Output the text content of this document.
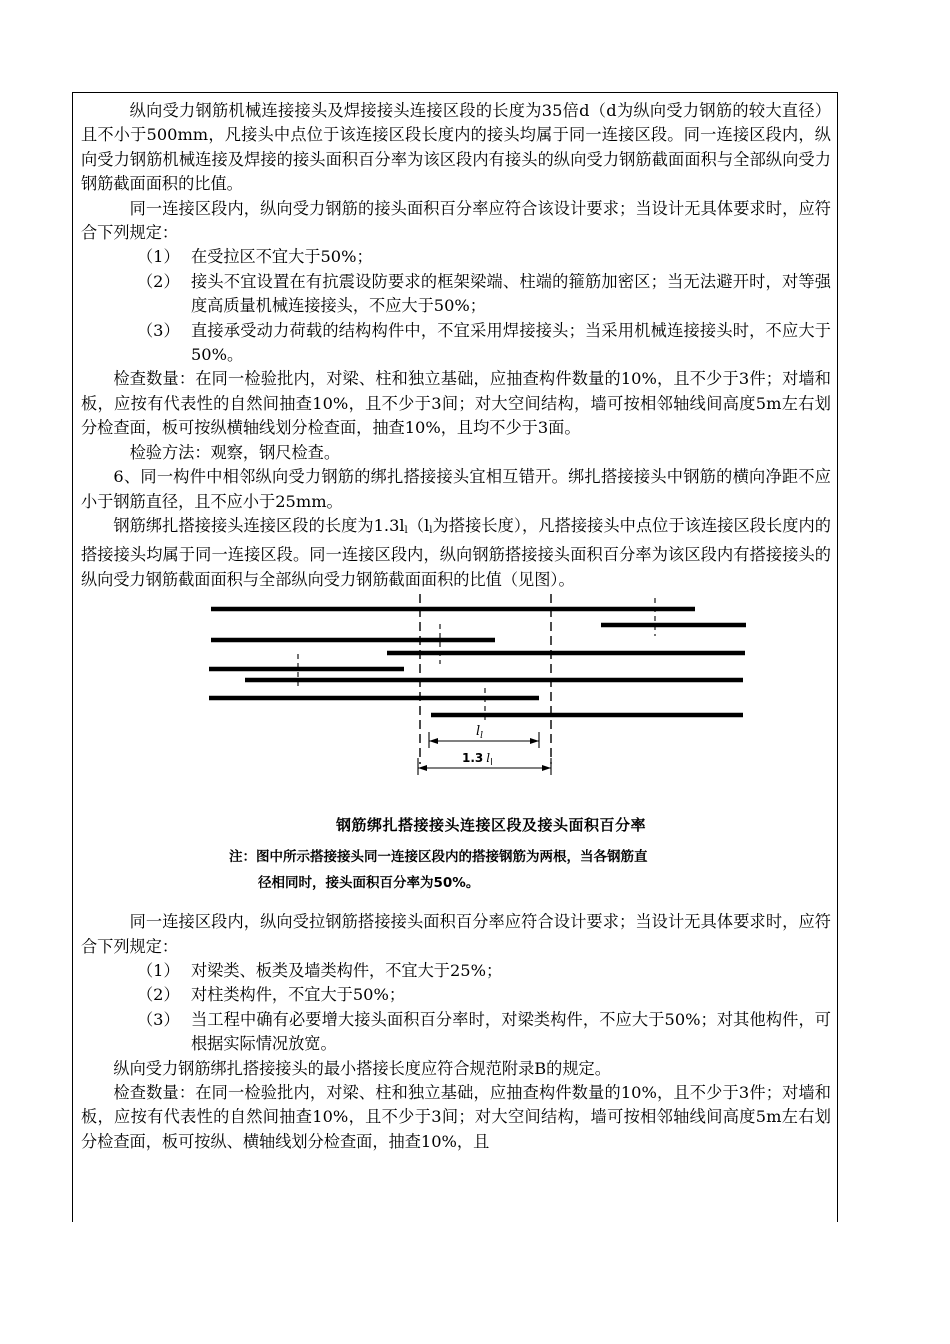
纵向受力钢筋机械连接接头及焊接接头连接区段的长度为35倍d（d为纵向受力钢筋的较大直径）且不小于500mm，凡接头中点位于该连接区段长度内的接头均属于同一连接区段。同一连接区段内，纵向受力钢筋机械连接及焊接的接头面积百分率为该区段内有接头的纵向受力钢筋截面面积与全部纵向受力钢筋截面面积的比值。

同一连接区段内，纵向受力钢筋的接头面积百分率应符合该设计要求；当设计无具体要求时，应符合下列规定：

（1） 在受拉区不宜大于50%；
（2） 接头不宜设置在有抗震设防要求的框架梁端、柱端的箍筋加密区；当无法避开时，对等强度高质量机械连接接头，不应大于50%；
（3） 直接承受动力荷载的结构构件中，不宜采用焊接接头；当采用机械连接接头时，不应大于50%。

检查数量：在同一检验批内，对梁、柱和独立基础，应抽查构件数量的10%，且不少于3件；对墙和板，应按有代表性的自然间抽查10%，且不少于3间；对大空间结构，墙可按相邻轴线间高度5m左右划分检查面，板可按纵横轴线划分检查面，抽查10%，且均不少于3面。

检验方法：观察，钢尺检查。

6、同一构件中相邻纵向受力钢筋的绑扎搭接接头宜相互错开。绑扎搭接接头中钢筋的横向净距不应小于钢筋直径，且不应小于25mm。

钢筋绑扎搭接接头连接区段的长度为$1.3l_l(l_l$为搭接长度），凡搭接接头中点位于该连接区段长度内的搭接接头均属于同一连接区段。同一连接区段内，纵向钢筋搭接接头面积百分率为该区段内有搭接接头的纵向受力钢筋截面面积与全部纵向受力钢筋截面面积的比值（见图）。

$l_l$
1.3 $l_l$
钢筋绑扎搭接接头连接区段及接头面积百分率
注：图中所示搭接接头同一连接区段内的搭接钢筋为两根，当各钢筋直
径相同时，接头面积百分率为50%。

同一连接区段内，纵向受拉钢筋搭接接头面积百分率应符合设计要求；当设计无具体要求时，应符合下列规定：

（1） 对梁类、板类及墙类构件，不宜大于25%；
（2） 对柱类构件，不宜大于50%；
（3） 当工程中确有必要增大接头面积百分率时，对梁类构件，不应大于50%；对其他构件，可根据实际情况放宽。

纵向受力钢筋绑扎搭接接头的最小搭接长度应符合规范附录B的规定。

检查数量：在同一检验批内，对梁、柱和独立基础，应抽查构件数量的10%，且不少于3件；对墙和板，应按有代表性的自然间抽查10%，且不少于3间；对大空间结构，墙可按相邻轴线间高度5m左右划分检查面，板可按纵、横轴线划分检查面，抽查10%，且
